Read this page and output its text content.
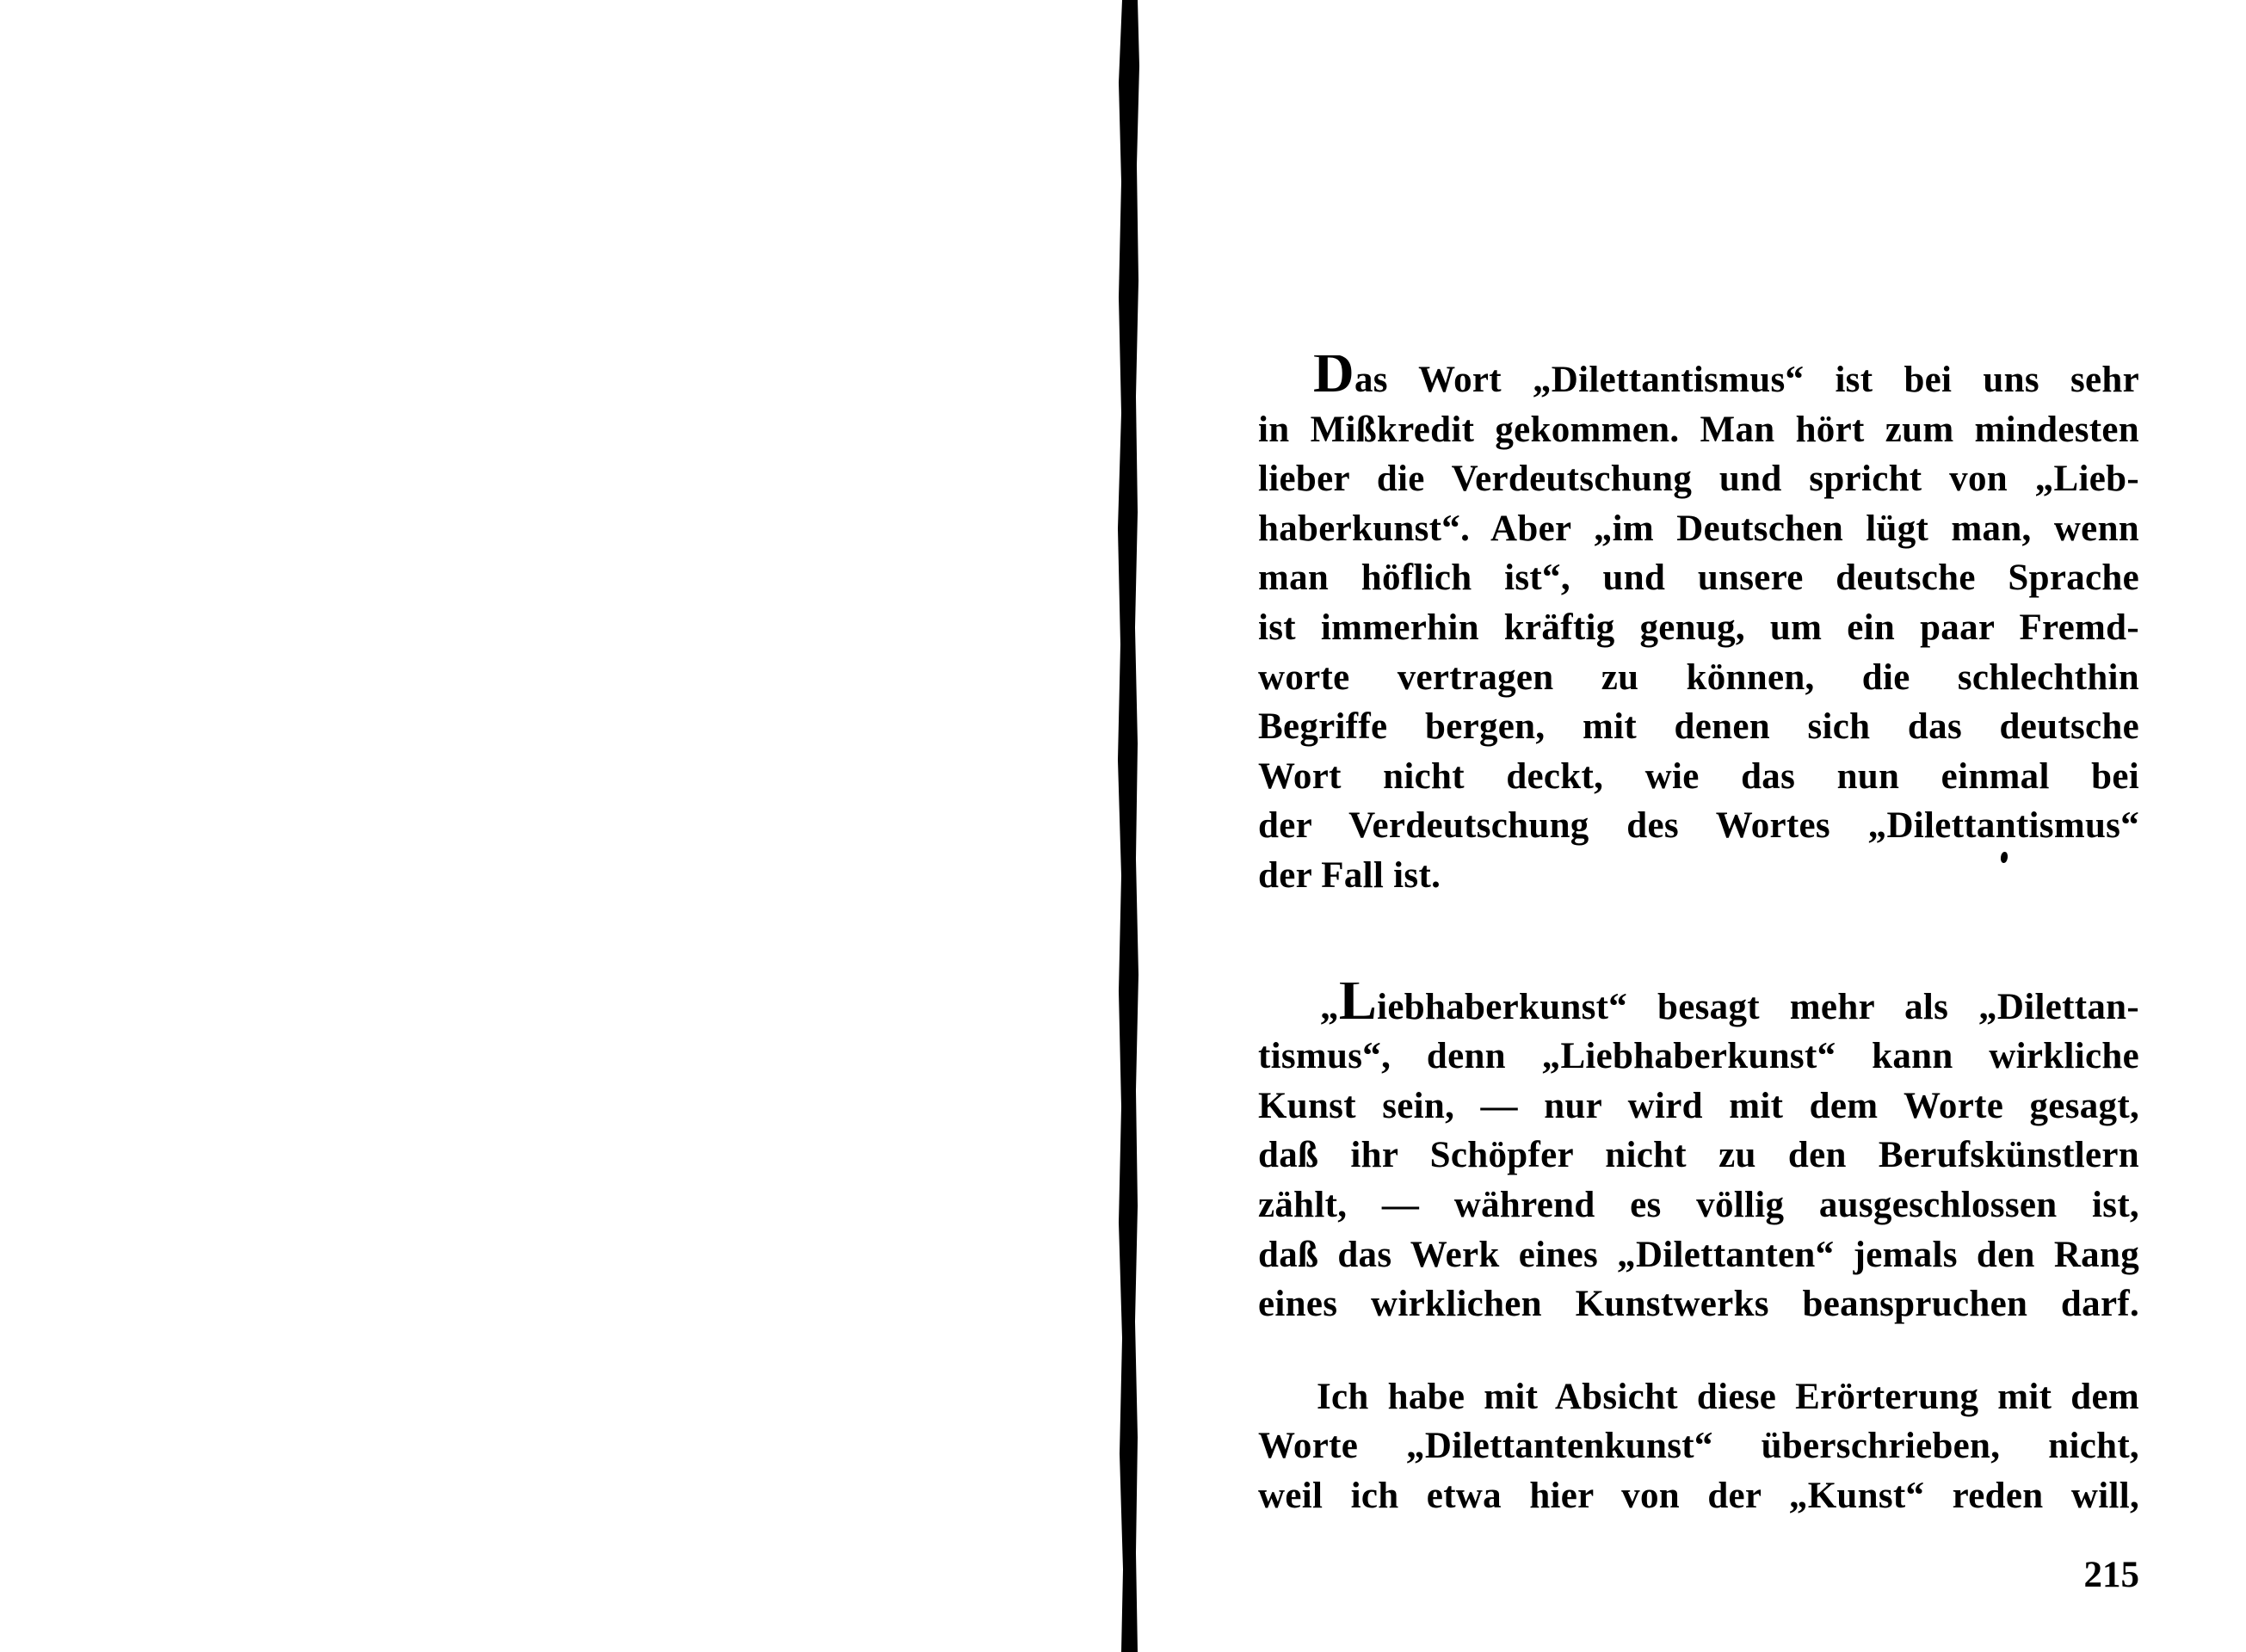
Das Wort „Dilettantismus“ ist bei uns sehr
in Mißkredit gekommen. Man hört zum mindesten
lieber die Verdeutschung und spricht von „Lieb-
haberkunst“. Aber „im Deutschen lügt man, wenn
man höflich ist“, und unsere deutsche Sprache
ist immerhin kräftig genug, um ein paar Fremd-
worte vertragen zu können, die schlechthin
Begriffe bergen, mit denen sich das deutsche
Wort nicht deckt, wie das nun einmal bei
der Verdeutschung des Wortes „Dilettantismus“
der Fall ist.
„Liebhaberkunst“ besagt mehr als „Dilettan-
tismus“, denn „Liebhaberkunst“ kann wirkliche
Kunst sein, — nur wird mit dem Worte gesagt,
daß ihr Schöpfer nicht zu den Berufskünstlern
zählt, — während es völlig ausgeschlossen ist,
daß das Werk eines „Dilettanten“ jemals den Rang
eines wirklichen Kunstwerks beanspruchen darf.
Ich habe mit Absicht diese Erörterung mit dem
Worte „Dilettantenkunst“ überschrieben, nicht,
weil ich etwa hier von der „Kunst“ reden will,
215
